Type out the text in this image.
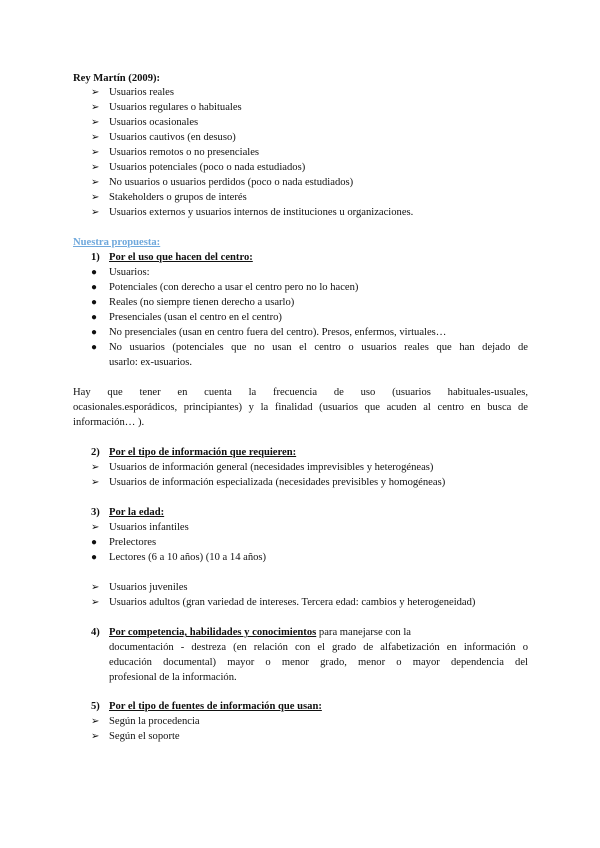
Rey Martín (2009):
➢ Usuarios reales
➢ Usuarios regulares o habituales
➢ Usuarios ocasionales
➢ Usuarios cautivos (en desuso)
➢ Usuarios remotos o no presenciales
➢ Usuarios potenciales (poco o nada estudiados)
➢ No usuarios o usuarios perdidos (poco o nada estudiados)
➢ Stakeholders o grupos de interés
➢ Usuarios externos y usuarios internos de instituciones u organizaciones.
Nuestra propuesta:
1) Por el uso que hacen del centro:
● Usuarios:
● Potenciales (con derecho a usar el centro pero no lo hacen)
● Reales (no siempre tienen derecho a usarlo)
● Presenciales (usan el centro en el centro)
● No presenciales (usan en centro fuera del centro). Presos, enfermos, virtuales…
● No usuarios (potenciales que no usan el centro o usuarios reales que han dejado de
usarlo: ex-usuarios.
Hay que tener en cuenta la frecuencia de uso (usuarios habituales-usuales,
ocasionales.esporádicos, principiantes) y la finalidad (usuarios que acuden al centro en busca de
información… ).
2) Por el tipo de información que requieren:
➢ Usuarios de información general (necesidades imprevisibles y heterogéneas)
➢ Usuarios de información especializada (necesidades previsibles y homogéneas)
3) Por la edad:
➢ Usuarios infantiles
● Prelectores
● Lectores (6 a 10 años) (10 a 14 años)
➢ Usuarios juveniles
➢ Usuarios adultos (gran variedad de intereses. Tercera edad: cambios y heterogeneidad)
4) Por competencia, habilidades y conocimientos para manejarse con la
documentación - destreza (en relación con el grado de alfabetización en información o
educación documental) mayor o menor grado, menor o mayor dependencia del
profesional de la información.
5) Por el tipo de fuentes de información que usan:
➢ Según la procedencia
➢ Según el soporte
